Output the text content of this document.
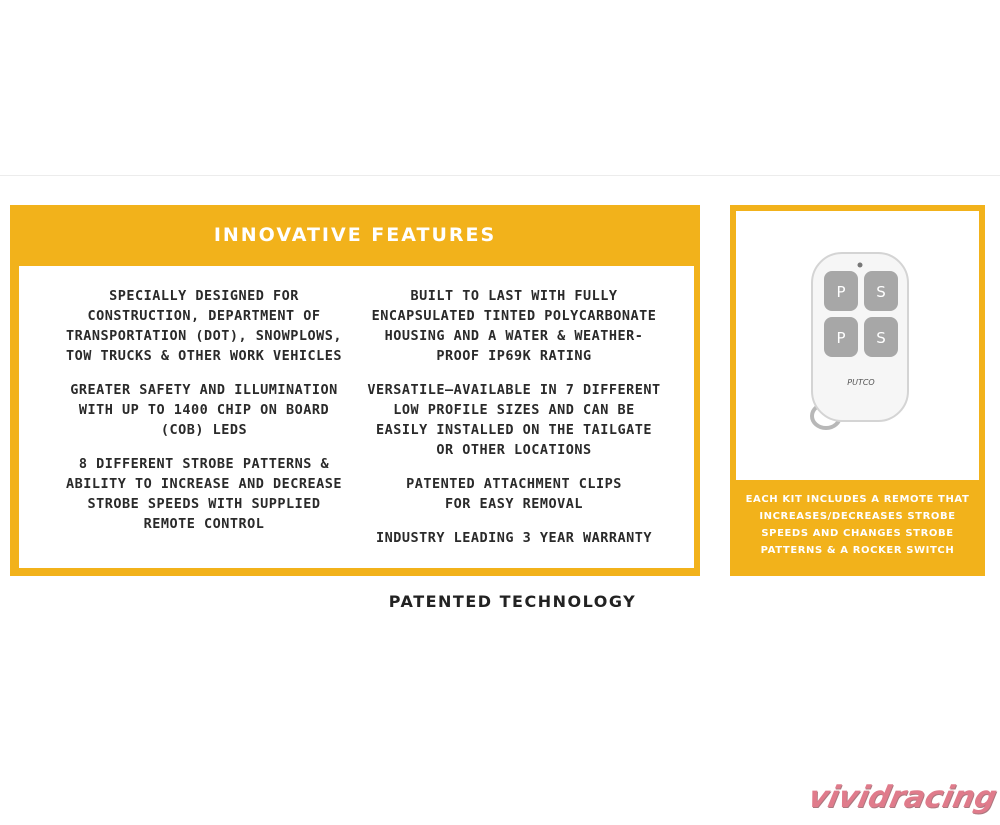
INNOVATIVE FEATURES
SPECIALLY DESIGNED FOR
CONSTRUCTION, DEPARTMENT OF
TRANSPORTATION (DOT), SNOWPLOWS,
TOW TRUCKS & OTHER WORK VEHICLES
GREATER SAFETY AND ILLUMINATION
WITH UP TO 1400 CHIP ON BOARD
(COB) LEDS
8 DIFFERENT STROBE PATTERNS &
ABILITY TO INCREASE AND DECREASE
STROBE SPEEDS WITH SUPPLIED
REMOTE CONTROL
BUILT TO LAST WITH FULLY
ENCAPSULATED TINTED POLYCARBONATE
HOUSING AND A WATER & WEATHER-
PROOF IP69K RATING
VERSATILE—AVAILABLE IN 7 DIFFERENT
LOW PROFILE SIZES AND CAN BE
EASILY INSTALLED ON THE TAILGATE
OR OTHER LOCATIONS
PATENTED ATTACHMENT CLIPS
FOR EASY REMOVAL
INDUSTRY LEADING 3 YEAR WARRANTY
P S
P S
PUTCO
EACH KIT INCLUDES A REMOTE THAT
INCREASES/DECREASES STROBE
SPEEDS AND CHANGES STROBE
PATTERNS & A ROCKER SWITCH
PATENTED TECHNOLOGY
vividracing
